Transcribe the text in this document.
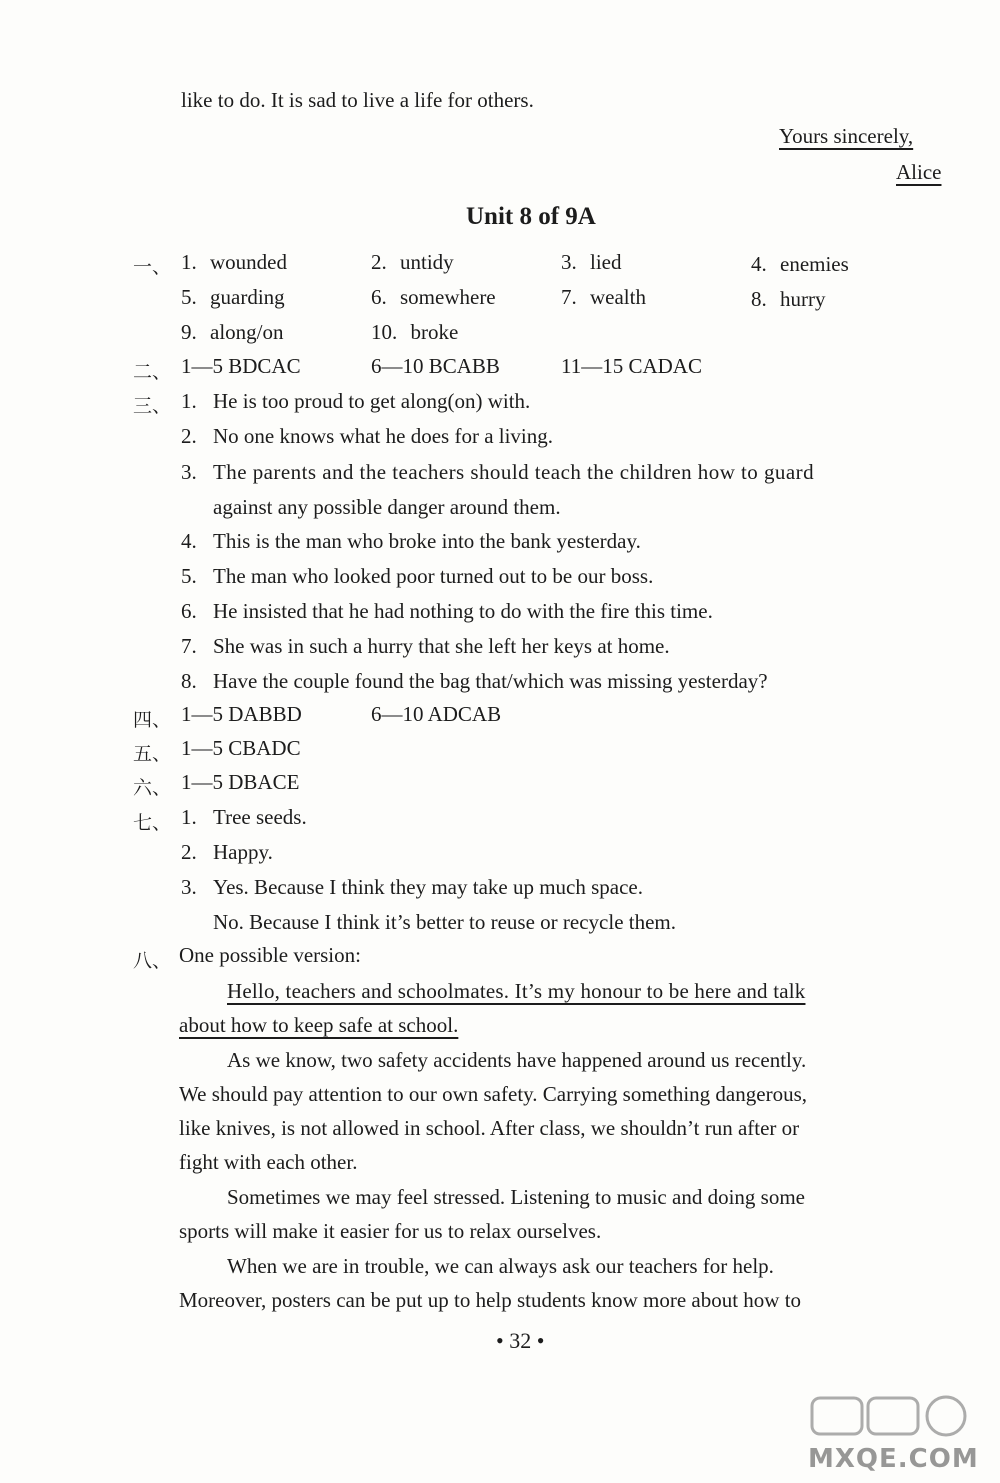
like to do. It is sad to live a life for others.
Yours sincerely,
Alice
Unit 8 of 9A
一、 1. wounded	2. untidy	3. lied	4. enemies
5. guarding	6. somewhere	7. wealth	8. hurry
9. along/on	10. broke
二、 1—5 BDCAC	6—10 BCABB	11—15 CADAC
三、 1. He is too proud to get along(on) with.
2. No one knows what he does for a living.
3. The parents and the teachers should teach the children how to guard
against any possible danger around them.
4. This is the man who broke into the bank yesterday.
5. The man who looked poor turned out to be our boss.
6. He insisted that he had nothing to do with the fire this time.
7. She was in such a hurry that she left her keys at home.
8. Have the couple found the bag that/which was missing yesterday?
四、 1—5 DABBD	6—10 ADCAB
五、 1—5 CBADC
六、 1—5 DBACE
七、 1. Tree seeds.
2. Happy.
3. Yes. Because I think they may take up much space.
No. Because I think it’s better to reuse or recycle them.
八、 One possible version:
Hello, teachers and schoolmates. It’s my honour to be here and talk
about how to keep safe at school.
As we know, two safety accidents have happened around us recently.
We should pay attention to our own safety. Carrying something dangerous,
like knives, is not allowed in school. After class, we shouldn’t run after or
fight with each other.
Sometimes we may feel stressed. Listening to music and doing some
sports will make it easier for us to relax ourselves.
When we are in trouble, we can always ask our teachers for help.
Moreover, posters can be put up to help students know more about how to
• 32 •
MXQE.COM
